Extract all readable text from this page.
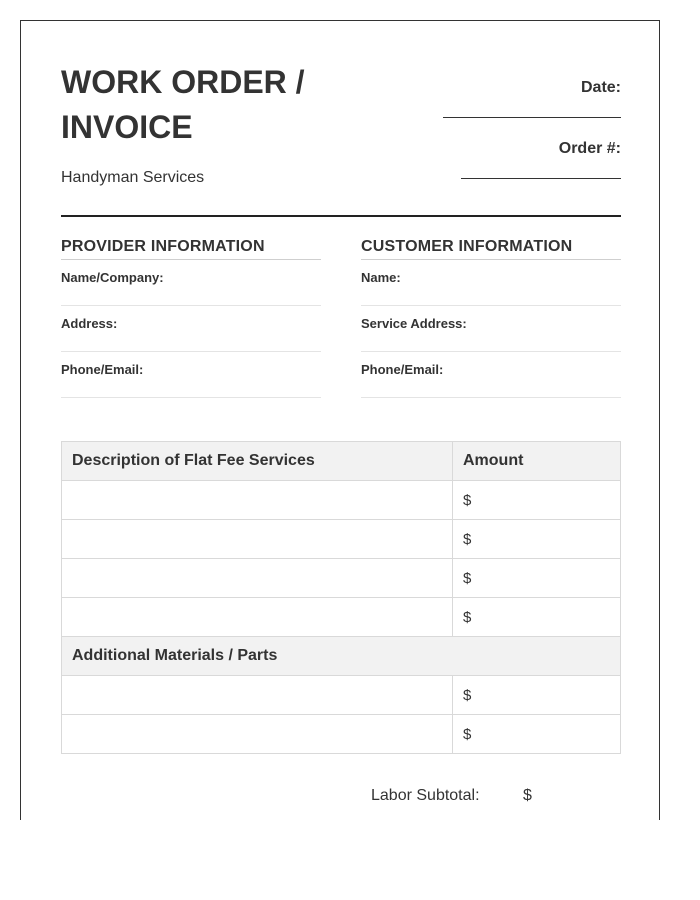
WORK ORDER /
INVOICE
Handyman Services
Date:
Order #:
PROVIDER INFORMATION
Name/Company:
Address:
Phone/Email:
CUSTOMER INFORMATION
Name:
Service Address:
Phone/Email:
Description of Flat Fee Services	Amount
	$
	$
	$
	$
Additional Materials / Parts	
	$
	$
Labor Subtotal:	$
